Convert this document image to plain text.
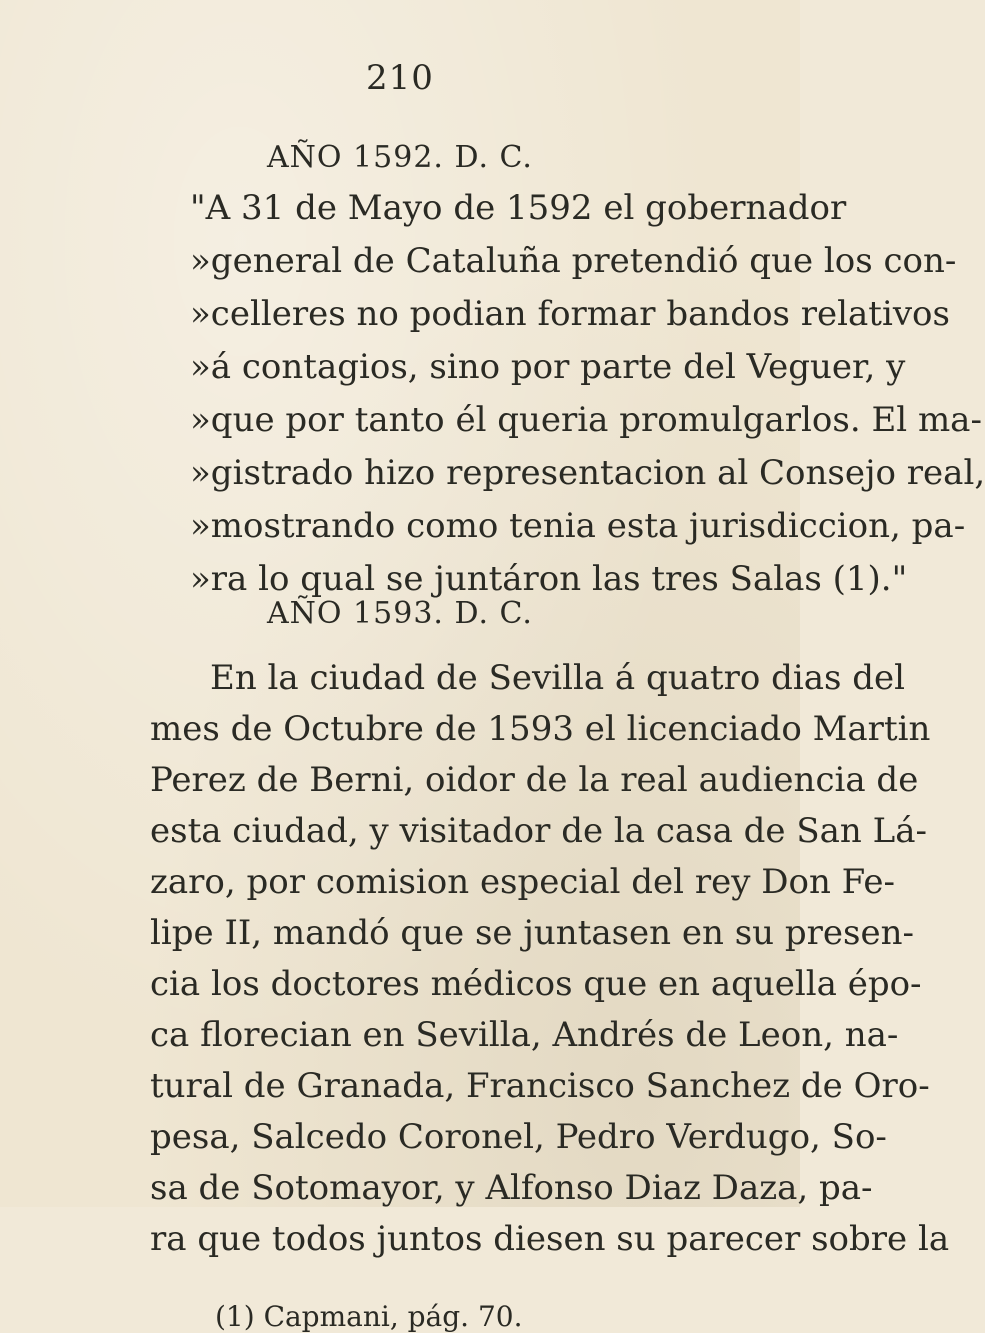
210
AÑO 1592. D. C.
"A 31 de Mayo de 1592 el gobernador
»general de Cataluña pretendió que los con-
»celleres no podian formar bandos relativos
»á contagios, sino por parte del Veguer, y
»que por tanto él queria promulgarlos. El ma-
»gistrado hizo representacion al Consejo real,
»mostrando como tenia esta jurisdiccion, pa-
»ra lo qual se juntáron las tres Salas (1)."
AÑO 1593. D. C.
En la ciudad de Sevilla á quatro dias del
mes de Octubre de 1593 el licenciado Martin
Perez de Berni, oidor de la real audiencia de
esta ciudad, y visitador de la casa de San Lá-
zaro, por comision especial del rey Don Fe-
lipe II, mandó que se juntasen en su presen-
cia los doctores médicos que en aquella épo-
ca florecian en Sevilla, Andrés de Leon, na-
tural de Granada, Francisco Sanchez de Oro-
pesa, Salcedo Coronel, Pedro Verdugo, So-
sa de Sotomayor, y Alfonso Diaz Daza, pa-
ra que todos juntos diesen su parecer sobre la
(1) Capmani, pág. 70.
